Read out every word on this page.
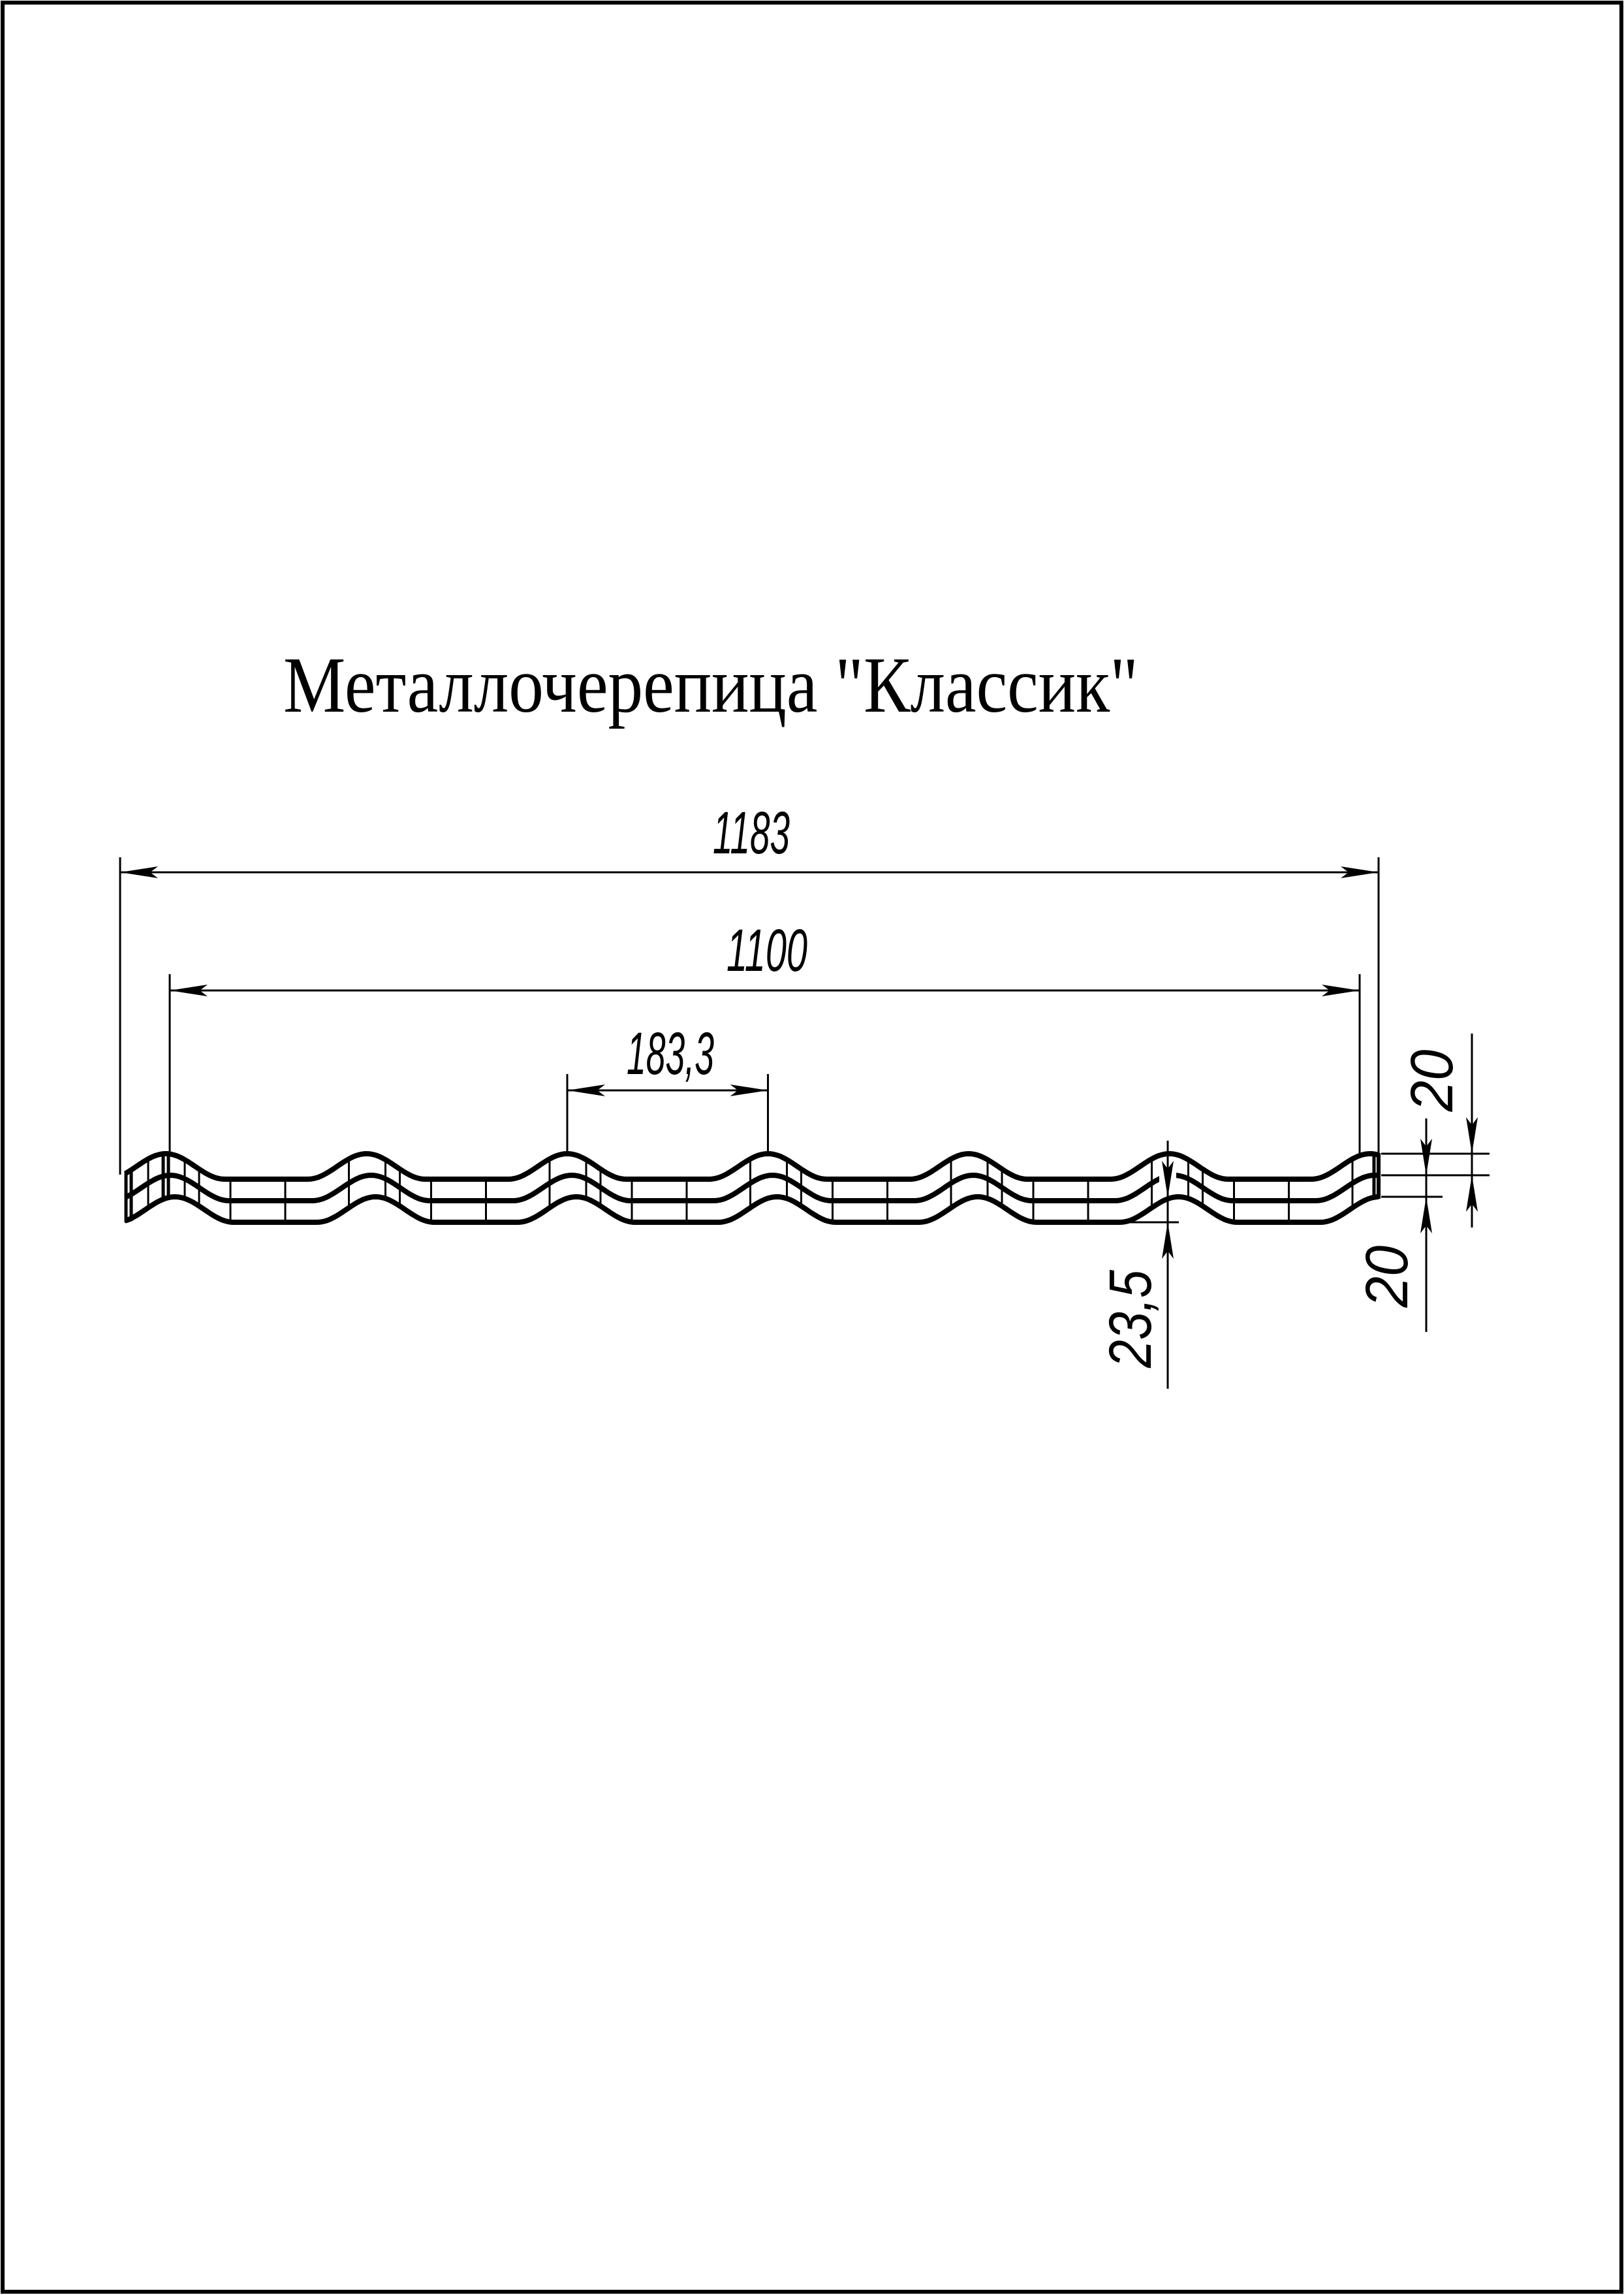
Металлочерепица "Классик"
1183
1100
183,3
23,5
20
20
